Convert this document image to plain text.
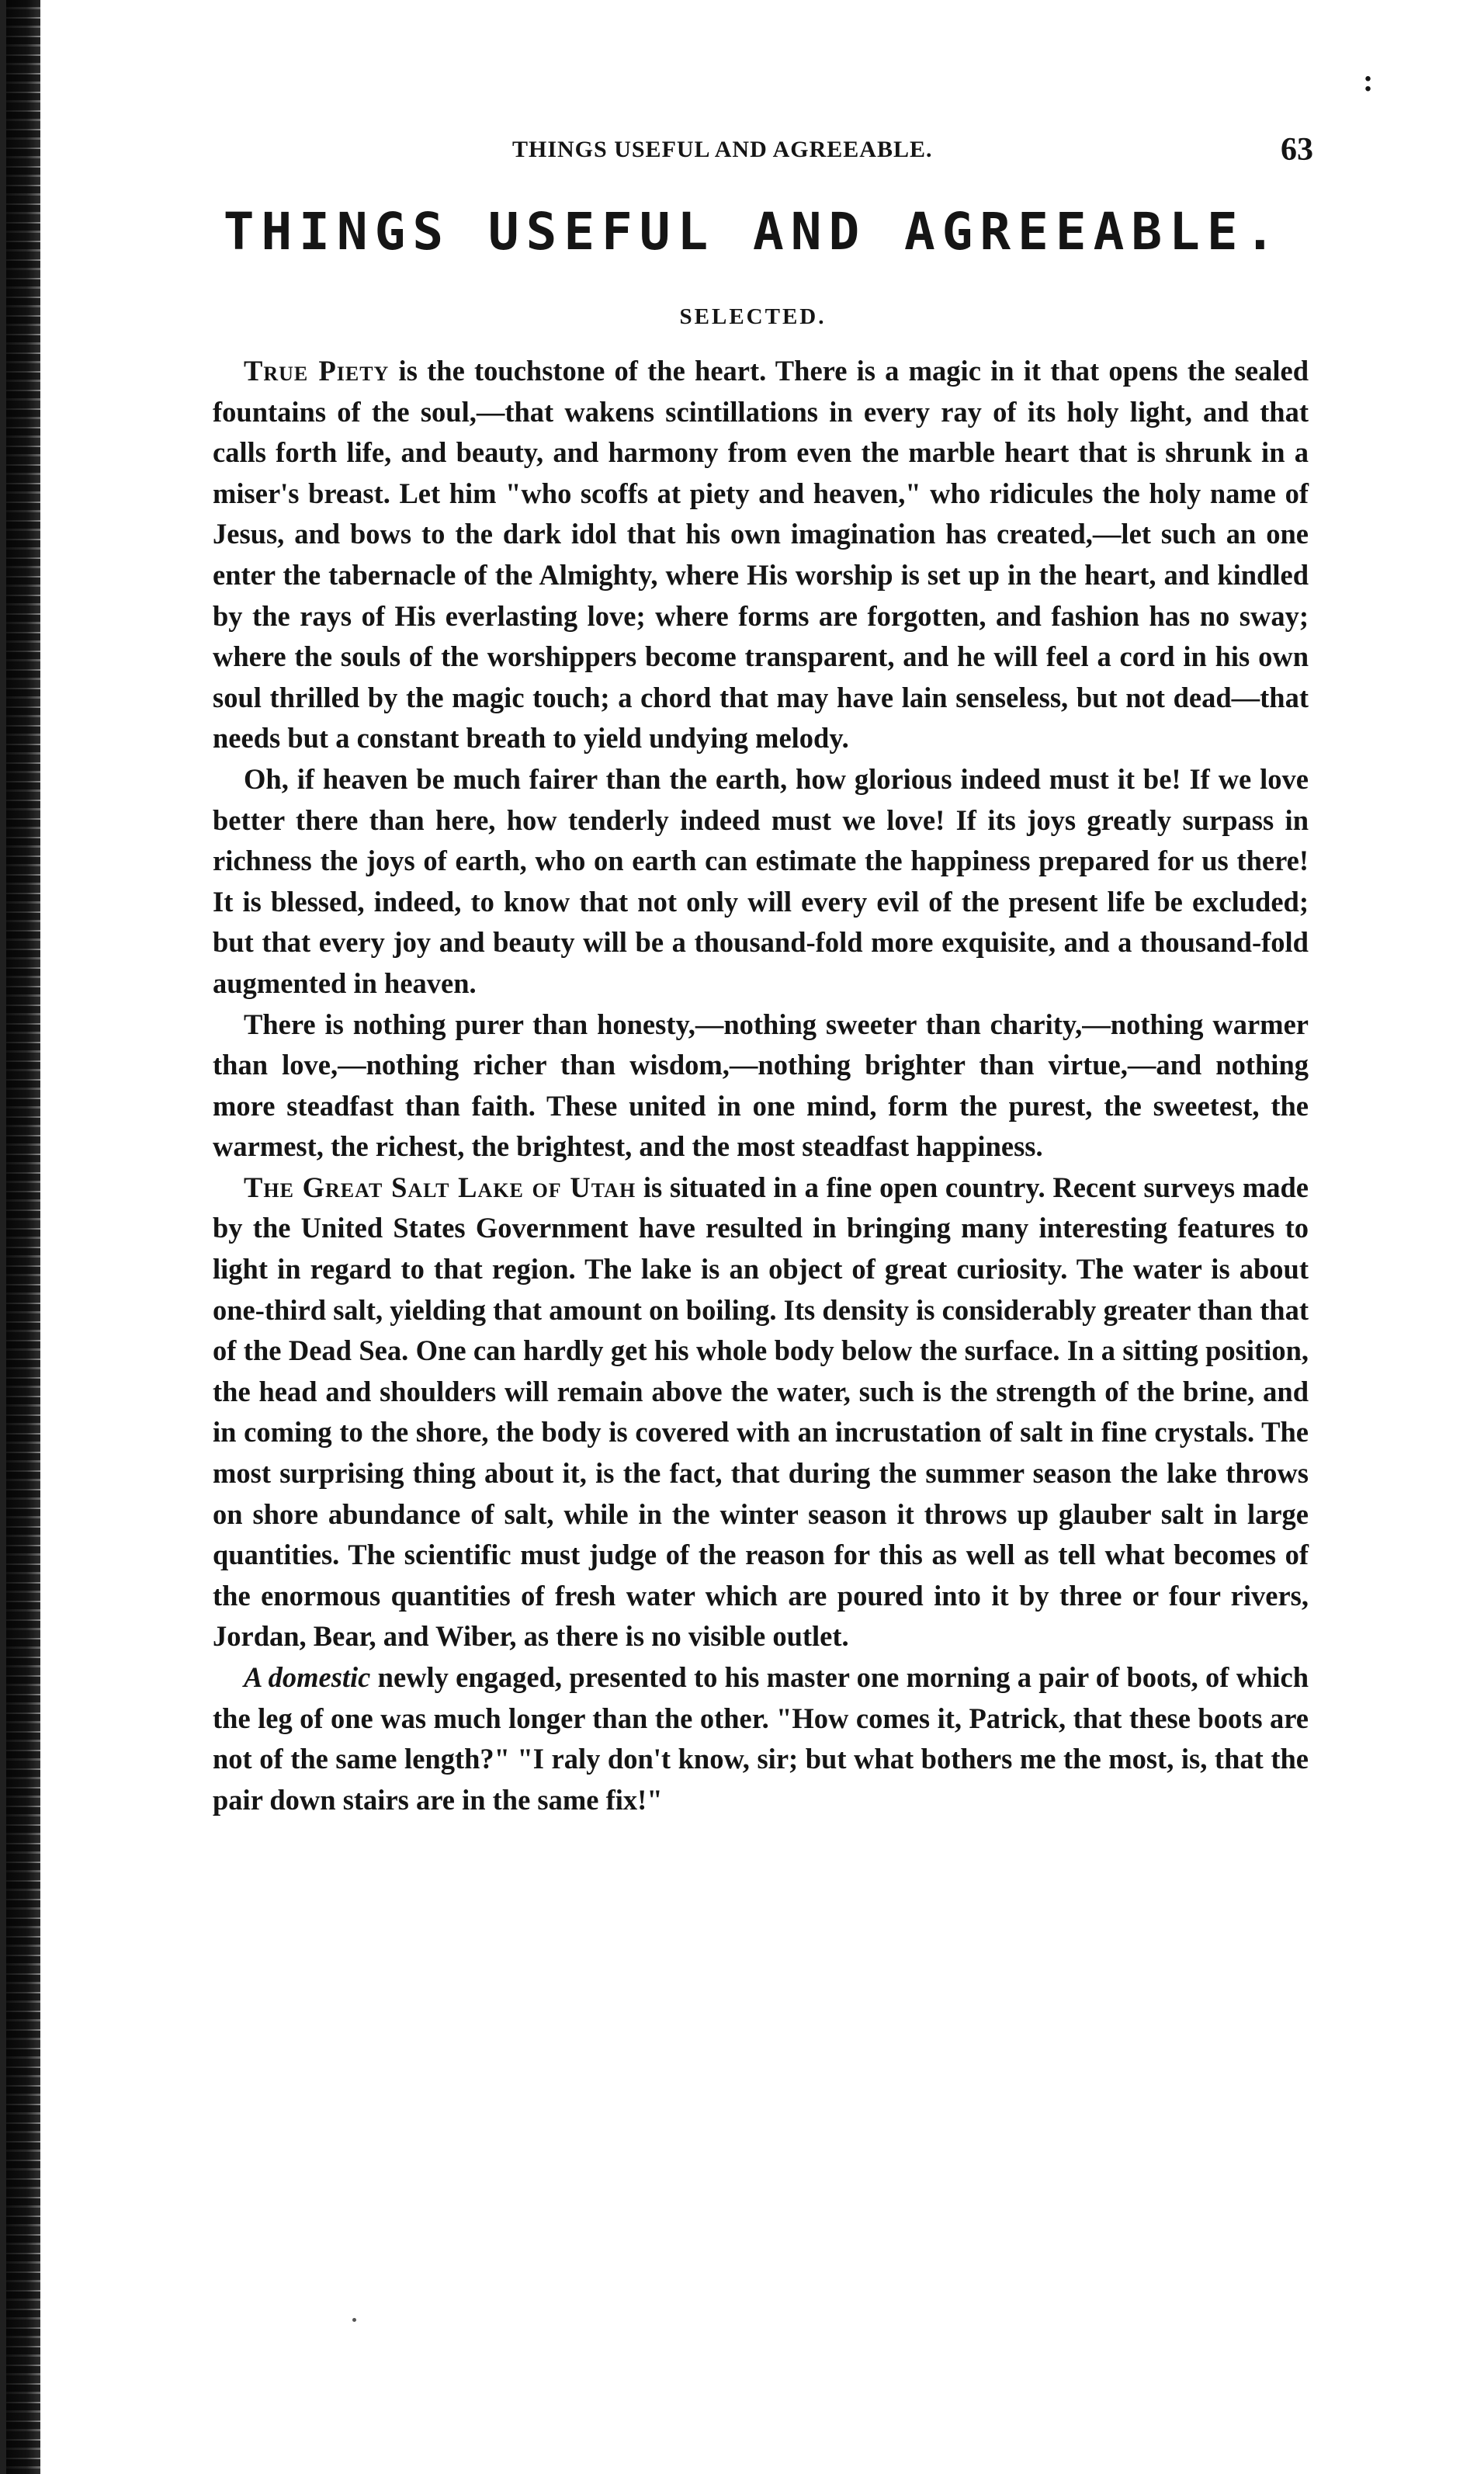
:
THINGS USEFUL AND AGREEABLE.	63
THINGS USEFUL AND AGREEABLE.
SELECTED.

True Piety is the touchstone of the heart. There is a magic in it that opens the sealed fountains of the soul,—that wakens scintillations in every ray of its holy light, and that calls forth life, and beauty, and harmony from even the marble heart that is shrunk in a miser's breast. Let him "who scoffs at piety and heaven," who ridicules the holy name of Jesus, and bows to the dark idol that his own imagination has created,—let such an one enter the tabernacle of the Almighty, where His worship is set up in the heart, and kindled by the rays of His everlasting love; where forms are forgotten, and fashion has no sway; where the souls of the worshippers become transparent, and he will feel a cord in his own soul thrilled by the magic touch; a chord that may have lain senseless, but not dead—that needs but a constant breath to yield undying melody.

Oh, if heaven be much fairer than the earth, how glorious indeed must it be! If we love better there than here, how tenderly indeed must we love! If its joys greatly surpass in richness the joys of earth, who on earth can estimate the happiness prepared for us there! It is blessed, indeed, to know that not only will every evil of the present life be excluded; but that every joy and beauty will be a thousand-fold more exquisite, and a thousand-fold augmented in heaven.

There is nothing purer than honesty,—nothing sweeter than charity,—nothing warmer than love,—nothing richer than wisdom,—nothing brighter than virtue,—and nothing more steadfast than faith. These united in one mind, form the purest, the sweetest, the warmest, the richest, the brightest, and the most steadfast happiness.

The Great Salt Lake of Utah is situated in a fine open country. Recent surveys made by the United States Government have resulted in bringing many interesting features to light in regard to that region. The lake is an object of great curiosity. The water is about one-third salt, yielding that amount on boiling. Its density is considerably greater than that of the Dead Sea. One can hardly get his whole body below the surface. In a sitting position, the head and shoulders will remain above the water, such is the strength of the brine, and in coming to the shore, the body is covered with an incrustation of salt in fine crystals. The most surprising thing about it, is the fact, that during the summer season the lake throws on shore abundance of salt, while in the winter season it throws up glauber salt in large quantities. The scientific must judge of the reason for this as well as tell what becomes of the enormous quantities of fresh water which are poured into it by three or four rivers, Jordan, Bear, and Wiber, as there is no visible outlet.

A domestic newly engaged, presented to his master one morning a pair of boots, of which the leg of one was much longer than the other. "How comes it, Patrick, that these boots are not of the same length?" "I raly don't know, sir; but what bothers me the most, is, that the pair down stairs are in the same fix!"
